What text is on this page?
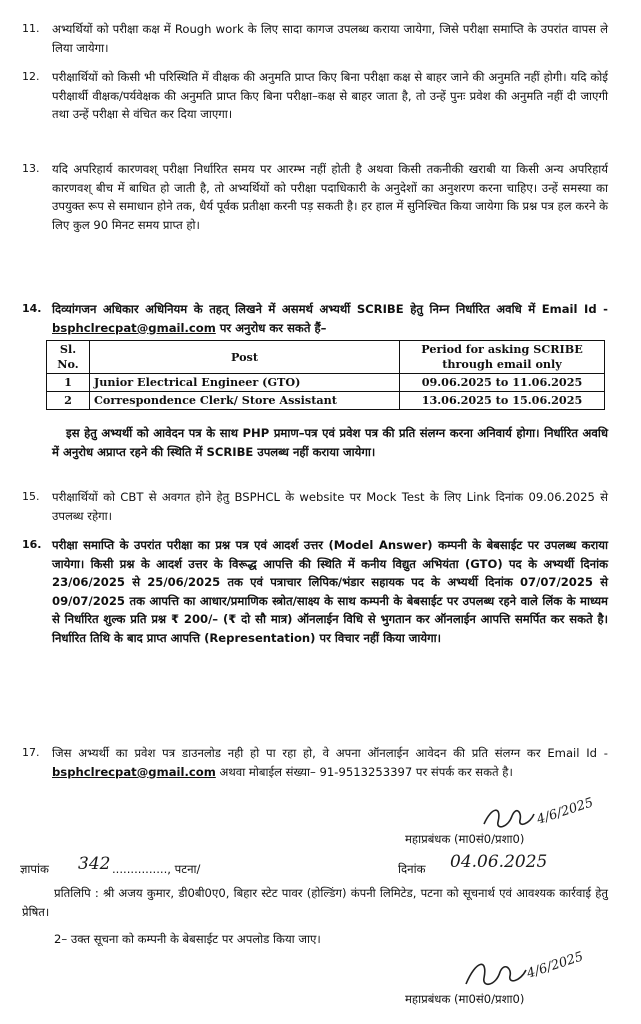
11. अभ्यर्थियों को परीक्षा कक्ष में Rough work के लिए सादा कागज उपलब्ध कराया जायेगा, जिसे परीक्षा समाप्ति के उपरांत वापस ले लिया जायेगा।
12. परीक्षार्थियों को किसी भी परिस्थिति में वीक्षक की अनुमति प्राप्त किए बिना परीक्षा कक्ष से बाहर जाने की अनुमति नहीं होगी। यदि कोई परीक्षार्थी वीक्षक/पर्यवेक्षक की अनुमति प्राप्त किए बिना परीक्षा–कक्ष से बाहर जाता है, तो उन्हें पुनः प्रवेश की अनुमति नहीं दी जाएगी तथा उन्हें परीक्षा से वंचित कर दिया जाएगा।
13. यदि अपरिहार्य कारणवश् परीक्षा निर्धारित समय पर आरम्भ नहीं होती है अथवा किसी तकनीकी खराबी या किसी अन्य अपरिहार्य कारणवश् बीच में बाधित हो जाती है, तो अभ्यर्थियों को परीक्षा पदाधिकारी के अनुदेशों का अनुशरण करना चाहिए। उन्हें समस्या का उपयुक्त रूप से समाधान होने तक, धैर्य पूर्वक प्रतीक्षा करनी पड़ सकती है। हर हाल में सुनिश्चित किया जायेगा कि प्रश्न पत्र हल करने के लिए कुल 90 मिनट समय प्राप्त हो।
14. दिव्यांगजन अधिकार अधिनियम के तहत् लिखने में असमर्थ अभ्यर्थी SCRIBE हेतु निम्न निर्धारित अवधि में Email Id - bsphclrecpat@gmail.com पर अनुरोध कर सकते हैं–
Sl. No.	Post	Period for asking SCRIBE through email only
1	Junior Electrical Engineer (GTO)	09.06.2025 to 11.06.2025
2	Correspondence Clerk/ Store Assistant	13.06.2025 to 15.06.2025
इस हेतु अभ्यर्थी को आवेदन पत्र के साथ PHP प्रमाण–पत्र एवं प्रवेश पत्र की प्रति संलग्न करना अनिवार्य होगा। निर्धारित अवधि में अनुरोध अप्राप्त रहने की स्थिति में SCRIBE उपलब्ध नहीं कराया जायेगा।
15. परीक्षार्थियों को CBT से अवगत होने हेतु BSPHCL के website पर Mock Test के लिए Link दिनांक 09.06.2025 से उपलब्ध रहेगा।
16. परीक्षा समाप्ति के उपरांत परीक्षा का प्रश्न पत्र एवं आदर्श उत्तर (Model Answer) कम्पनी के बेबसाईट पर उपलब्ध कराया जायेगा। किसी प्रश्न के आदर्श उत्तर के विरूद्ध आपत्ति की स्थिति में कनीय विद्युत अभियंता (GTO) पद के अभ्यर्थी दिनांक 23/06/2025 से 25/06/2025 तक एवं पत्राचार लिपिक/भंडार सहायक पद के अभ्यर्थी दिनांक 07/07/2025 से 09/07/2025 तक आपत्ति का आधार/प्रमाणिक स्त्रोत/साक्ष्य के साथ कम्पनी के बेबसाईट पर उपलब्ध रहने वाले लिंक के माध्यम से निर्धारित शुल्क प्रति प्रश्न ₹ 200/– (₹ दो सौ मात्र) ऑनलाईन विधि से भुगतान कर ऑनलाईन आपत्ति समर्पित कर सकते है। निर्धारित तिथि के बाद प्राप्त आपत्ति (Representation) पर विचार नहीं किया जायेगा।
17. जिस अभ्यर्थी का प्रवेश पत्र डाउनलोड नही हो पा रहा हो, वे अपना ऑनलाईन आवेदन की प्रति संलग्न कर Email Id - bsphclrecpat@gmail.com अथवा मोबाईल संख्या– 91-9513253397 पर संपर्क कर सकते है।
4/6/2025
महाप्रबंधक (मा0सं0/प्रशा0)
ज्ञापांक	342 ..............., पटना/	दिनांक	04.06.2025
प्रतिलिपि : श्री अजय कुमार, डी0बी0ए0, बिहार स्टेट पावर (होल्डिंग) कंपनी लिमिटेड, पटना को सूचनार्थ एवं आवश्यक कार्रवाई हेतु प्रेषित।
2– उक्त सूचना को कम्पनी के बेबसाईट पर अपलोड किया जाए।
4/6/2025
महाप्रबंधक (मा0सं0/प्रशा0)
